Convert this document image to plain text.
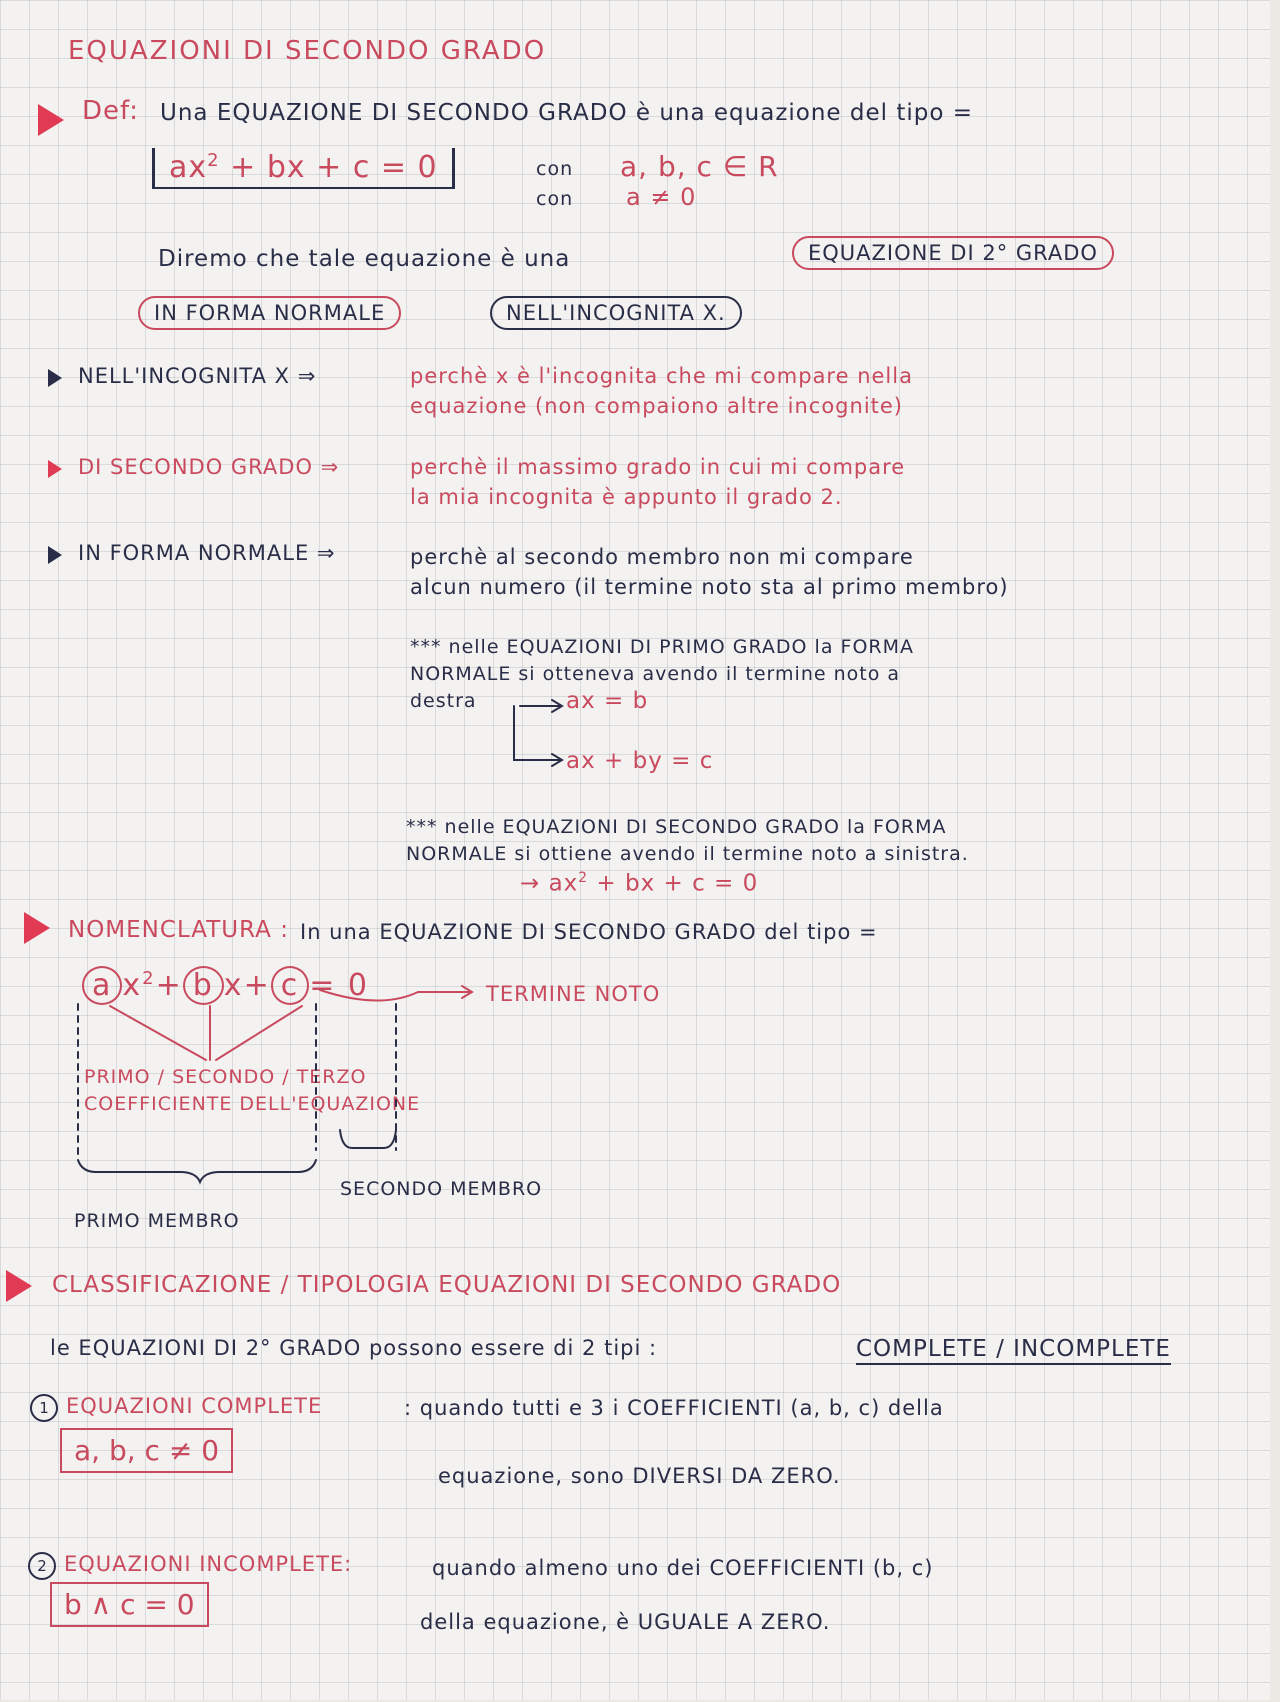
EQUAZIONI DI SECONDO GRADO
Def: Una EQUAZIONE DI SECONDO GRADO è una equazione del tipo =
$ax^2$ + bx + c = 0	con a, b, c ∈ R
con a ≠ 0
Diremo che tale equazione è una	EQUAZIONE DI 2° GRADO
IN FORMA NORMALE	NELL'INCOGNITA X.
NELL'INCOGNITA X ⇒	perchè x è l'incognita che mi compare nella
equazione (non compaiono altre incognite)
DI SECONDO GRADO ⇒	perchè il massimo grado in cui mi compare
la mia incognita è appunto il grado 2.
IN FORMA NORMALE ⇒	perchè al secondo membro non mi compare
alcun numero (il termine noto sta al primo membro)
*** nelle EQUAZIONI DI PRIMO GRADO la FORMA
NORMALE si otteneva avendo il termine noto a
destra	ax = b
ax + by = c
*** nelle EQUAZIONI DI SECONDO GRADO la FORMA
NORMALE si ottiene avendo il termine noto a sinistra.
→ $ax^2$ + bx + c = 0
NOMENCLATURA : In una EQUAZIONE DI SECONDO GRADO del tipo =
a $x^2+ b$ x+ c = 0	TERMINE NOTO
PRIMO / SECONDO / TERZO
COEFFICIENTE DELL'EQUAZIONE
SECONDO MEMBRO
PRIMO MEMBRO
CLASSIFICAZIONE / TIPOLOGIA EQUAZIONI DI SECONDO GRADO
le EQUAZIONI DI 2° GRADO possono essere di 2 tipi :	COMPLETE / INCOMPLETE
1 EQUAZIONI COMPLETE	: quando tutti e 3 i COEFFICIENTI (a, b, c) della
equazione, sono DIVERSI DA ZERO.
a, b, c ≠ 0
2 EQUAZIONI INCOMPLETE:	quando almeno uno dei COEFFICIENTI (b, c)
della equazione, è UGUALE A ZERO.
b ∧ c = 0
